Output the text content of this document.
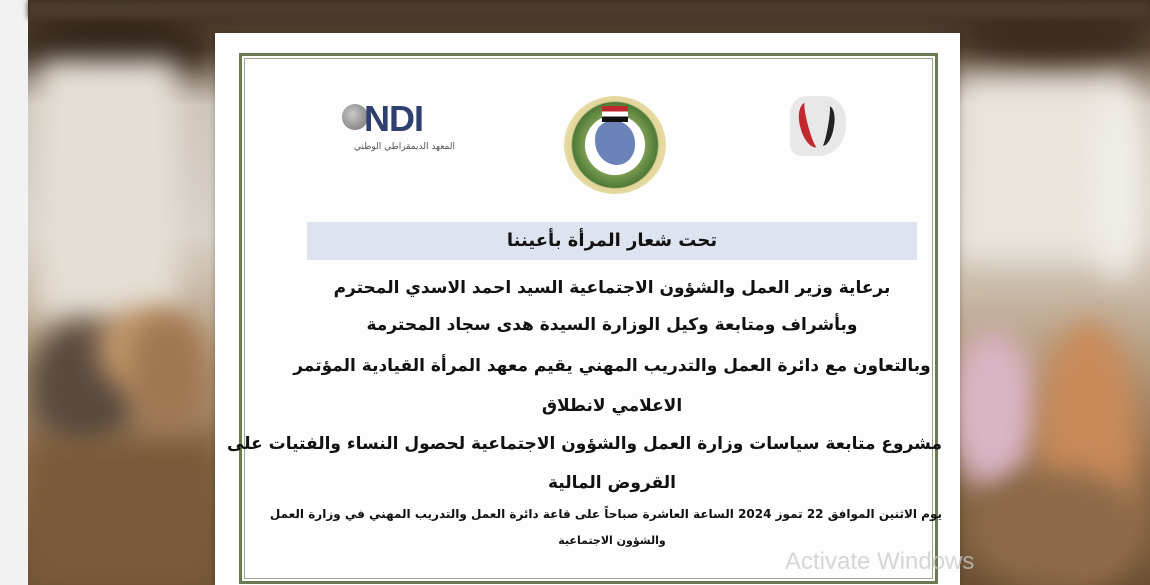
NDI
المعهد الديمقراطي الوطني
تحت شعار المرأة بأعيننا
برعاية وزير العمل والشؤون الاجتماعية السيد احمد الاسدي المحترم
وبأشراف ومتابعة وكيل الوزارة السيدة هدى سجاد المحترمة
وبالتعاون مع دائرة العمل والتدريب المهني يقيم معهد المرأة القيادية المؤتمر
الاعلامي لانطلاق
مشروع متابعة سياسات وزارة العمل والشؤون الاجتماعية لحصول النساء والفتيات على
القروض المالية
يوم الاثنين الموافق 22 تموز 2024 الساعة العاشرة صباحاً على قاعة دائرة العمل والتدريب المهني في وزارة العمل
والشؤون الاجتماعية
Activate Windows
